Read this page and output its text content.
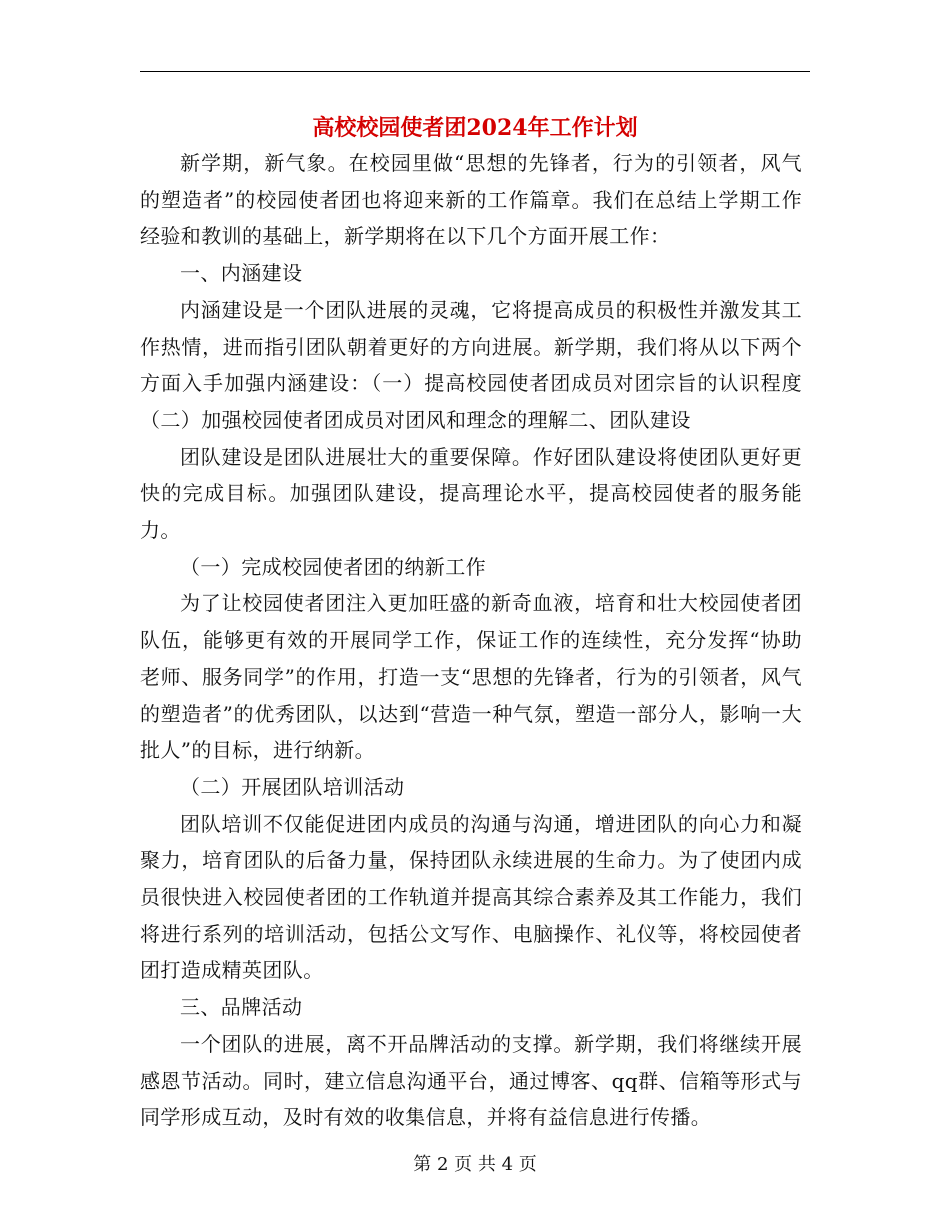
高校校园使者团2024年工作计划

新学期，新气象。在校园里做“思想的先锋者，行为的引领者，风气的塑造者”的校园使者团也将迎来新的工作篇章。我们在总结上学期工作经验和教训的基础上，新学期将在以下几个方面开展工作：

一、内涵建设

内涵建设是一个团队进展的灵魂，它将提高成员的积极性并激发其工作热情，进而指引团队朝着更好的方向进展。新学期，我们将从以下两个方面入手加强内涵建设：（一）提高校园使者团成员对团宗旨的认识程度（二）加强校园使者团成员对团风和理念的理解二、团队建设

团队建设是团队进展壮大的重要保障。作好团队建设将使团队更好更快的完成目标。加强团队建设，提高理论水平，提高校园使者的服务能力。

（一）完成校园使者团的纳新工作

为了让校园使者团注入更加旺盛的新奇血液，培育和壮大校园使者团队伍，能够更有效的开展同学工作，保证工作的连续性，充分发挥“协助老师、服务同学”的作用，打造一支“思想的先锋者，行为的引领者，风气的塑造者”的优秀团队，以达到“营造一种气氛，塑造一部分人，影响一大批人”的目标，进行纳新。

（二）开展团队培训活动

团队培训不仅能促进团内成员的沟通与沟通，增进团队的向心力和凝聚力，培育团队的后备力量，保持团队永续进展的生命力。为了使团内成员很快进入校园使者团的工作轨道并提高其综合素养及其工作能力，我们将进行系列的培训活动，包括公文写作、电脑操作、礼仪等，将校园使者团打造成精英团队。

三、品牌活动

一个团队的进展，离不开品牌活动的支撑。新学期，我们将继续开展感恩节活动。同时，建立信息沟通平台，通过博客、qq群、信箱等形式与同学形成互动，及时有效的收集信息，并将有益信息进行传播。

第 2 页 共 4 页
